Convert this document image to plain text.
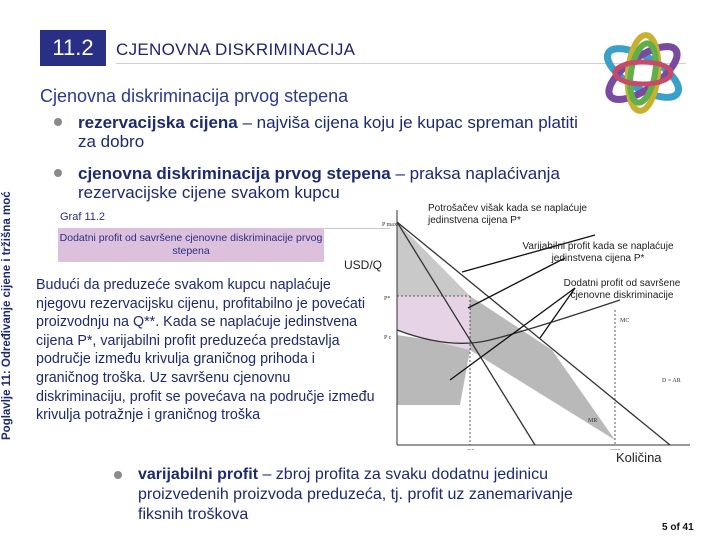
11.2	CJENOVNA DISKRIMINACIJA
Cjenovna diskriminacija prvog stepena
Poglavlje 11: Određivanje cijene i tržišna moć
rezervacijska cijena – najviša cijena koju je kupac spreman platiti za dobro
cjenovna diskriminacija prvog stepena – praksa naplaćivanja rezervacijske cijene svakom kupcu
Graf 11.2
Dodatni profit od savršene cjenovne diskriminacije prvog stepena
P max
P*
P c
MC
D = AR
MR
USD/Q
Potrošačev višak kada se naplaćuje jedinstvena cijena P*
Varijabilni profit kada se naplaćuje jedinstvena cijena P*
Dodatni profit od savršene cjenovne diskriminacije
Budući da preduzeće svakom kupcu naplaćuje njegovu rezervacijsku cijenu, profitabilno je povećati proizvodnju na Q**. Kada se naplaćuje jedinstvena cijena P*, varijabilni profit preduzeća predstavlja područje između krivulja graničnog prihoda i graničnog troška. Uz savršenu cjenovnu diskriminaciju, profit se povećava na područje između krivulja potražnje i graničnog troška
Količina
varijabilni profit – zbroj profita za svaku dodatnu jedinicu proizvedenih proizvoda preduzeća, tj. profit uz zanemarivanje fiksnih troškova
5 of 41
